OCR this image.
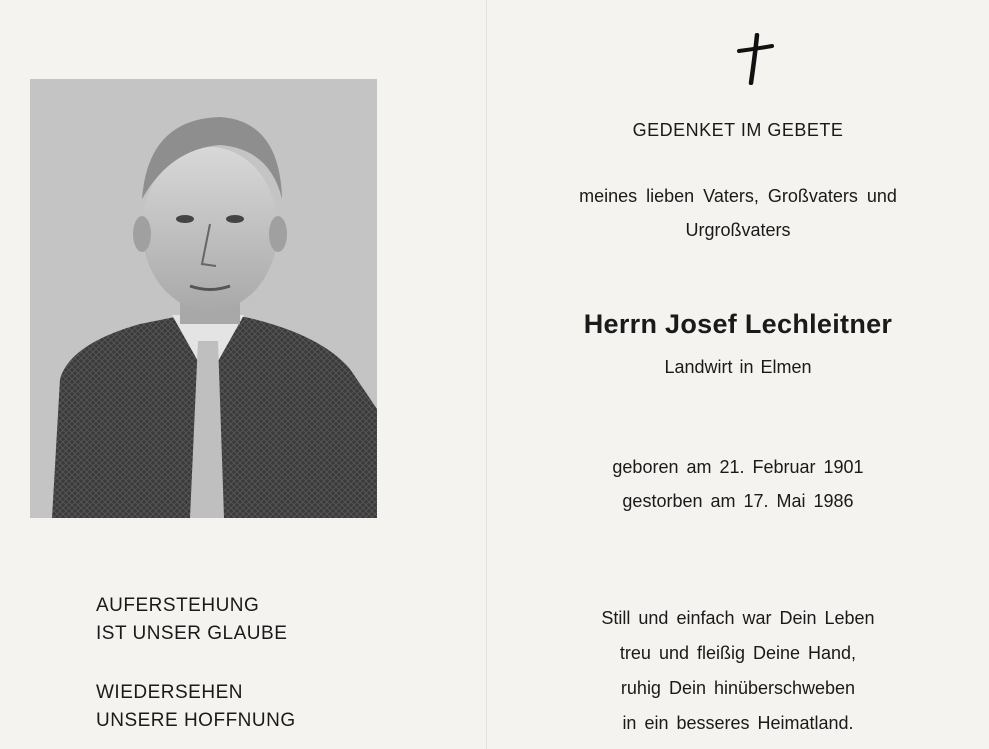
AUFERSTEHUNG
IST UNSER GLAUBE
WIEDERSEHEN
UNSERE HOFFNUNG
GEDENKET IM GEBETE
meines lieben Vaters, Großvaters und
Urgroßvaters
Herrn Josef Lechleitner
Landwirt in Elmen
geboren am 21. Februar 1901
gestorben am 17. Mai 1986
Still und einfach war Dein Leben
treu und fleißig Deine Hand,
ruhig Dein hinüberschweben
in ein besseres Heimatland.
